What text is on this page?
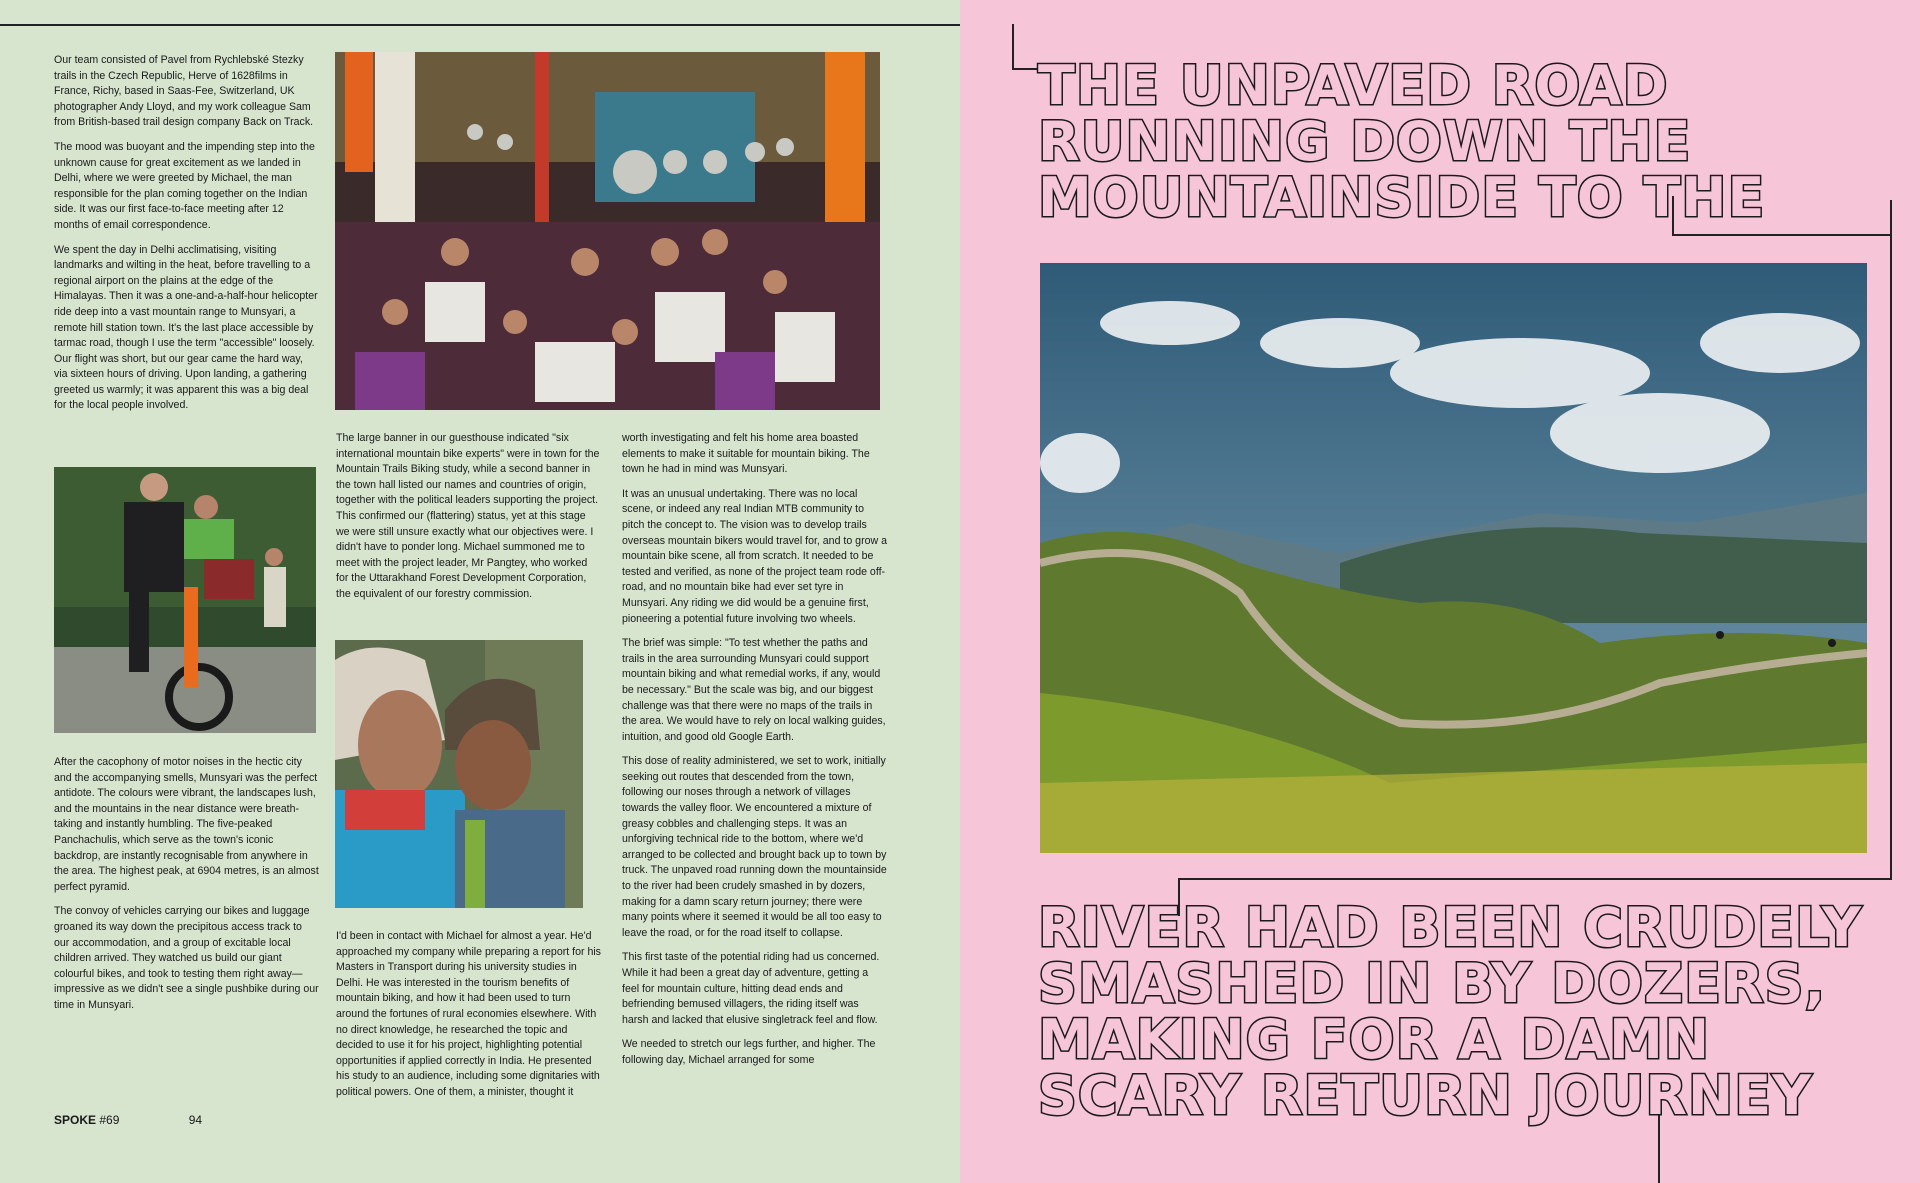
Our team consisted of Pavel from Rychlebské Stezky trails in the Czech Republic, Herve of 1628films in France, Richy, based in Saas-Fee, Switzerland, UK photographer Andy Lloyd, and my work colleague Sam from British-based trail design company Back on Track.

The mood was buoyant and the impending step into the unknown cause for great excitement as we landed in Delhi, where we were greeted by Michael, the man responsible for the plan coming together on the Indian side. It was our first face-to-face meeting after 12 months of email correspondence.

We spent the day in Delhi acclimatising, visiting landmarks and wilting in the heat, before travelling to a regional airport on the plains at the edge of the Himalayas. Then it was a one-and-a-half-hour helicopter ride deep into a vast mountain range to Munsyari, a remote hill station town. It's the last place accessible by tarmac road, though I use the term "accessible" loosely. Our flight was short, but our gear came the hard way, via sixteen hours of driving. Upon landing, a gathering greeted us warmly; it was apparent this was a big deal for the local people involved.

After the cacophony of motor noises in the hectic city and the accompanying smells, Munsyari was the perfect antidote. The colours were vibrant, the landscapes lush, and the mountains in the near distance were breath-taking and instantly humbling. The five-peaked Panchachulis, which serve as the town's iconic backdrop, are instantly recognisable from anywhere in the area. The highest peak, at 6904 metres, is an almost perfect pyramid.

The convoy of vehicles carrying our bikes and luggage groaned its way down the precipitous access track to our accommodation, and a group of excitable local children arrived. They watched us build our giant colourful bikes, and took to testing them right away—impressive as we didn't see a single pushbike during our time in Munsyari.

The large banner in our guesthouse indicated "six international mountain bike experts" were in town for the Mountain Trails Biking study, while a second banner in the town hall listed our names and countries of origin, together with the political leaders supporting the project. This confirmed our (flattering) status, yet at this stage we were still unsure exactly what our objectives were. I didn't have to ponder long. Michael summoned me to meet with the project leader, Mr Pangtey, who worked for the Uttarakhand Forest Development Corporation, the equivalent of our forestry commission.

I'd been in contact with Michael for almost a year. He'd approached my company while preparing a report for his Masters in Transport during his university studies in Delhi. He was interested in the tourism benefits of mountain biking, and how it had been used to turn around the fortunes of rural economies elsewhere. With no direct knowledge, he researched the topic and decided to use it for his project, highlighting potential opportunities if applied correctly in India. He presented his study to an audience, including some dignitaries with political powers. One of them, a minister, thought it

worth investigating and felt his home area boasted elements to make it suitable for mountain biking. The town he had in mind was Munsyari.

It was an unusual undertaking. There was no local scene, or indeed any real Indian MTB community to pitch the concept to. The vision was to develop trails overseas mountain bikers would travel for, and to grow a mountain bike scene, all from scratch. It needed to be tested and verified, as none of the project team rode off-road, and no mountain bike had ever set tyre in Munsyari. Any riding we did would be a genuine first, pioneering a potential future involving two wheels.

The brief was simple: "To test whether the paths and trails in the area surrounding Munsyari could support mountain biking and what remedial works, if any, would be necessary." But the scale was big, and our biggest challenge was that there were no maps of the trails in the area. We would have to rely on local walking guides, intuition, and good old Google Earth.

This dose of reality administered, we set to work, initially seeking out routes that descended from the town, following our noses through a network of villages towards the valley floor. We encountered a mixture of greasy cobbles and challenging steps. It was an unforgiving technical ride to the bottom, where we'd arranged to be collected and brought back up to town by truck. The unpaved road running down the mountainside to the river had been crudely smashed in by dozers, making for a damn scary return journey; there were many points where it seemed it would be all too easy to leave the road, or for the road itself to collapse.

This first taste of the potential riding had us concerned. While it had been a great day of adventure, getting a feel for mountain culture, hitting dead ends and befriending bemused villagers, the riding itself was harsh and lacked that elusive singletrack feel and flow.

We needed to stretch our legs further, and higher. The following day, Michael arranged for some

SPOKE #69	94
THE UNPAVED ROAD
RUNNING DOWN THE
MOUNTAINSIDE TO THE
RIVER HAD BEEN CRUDELY
SMASHED IN BY DOZERS,
MAKING FOR A DAMN
SCARY RETURN JOURNEY
